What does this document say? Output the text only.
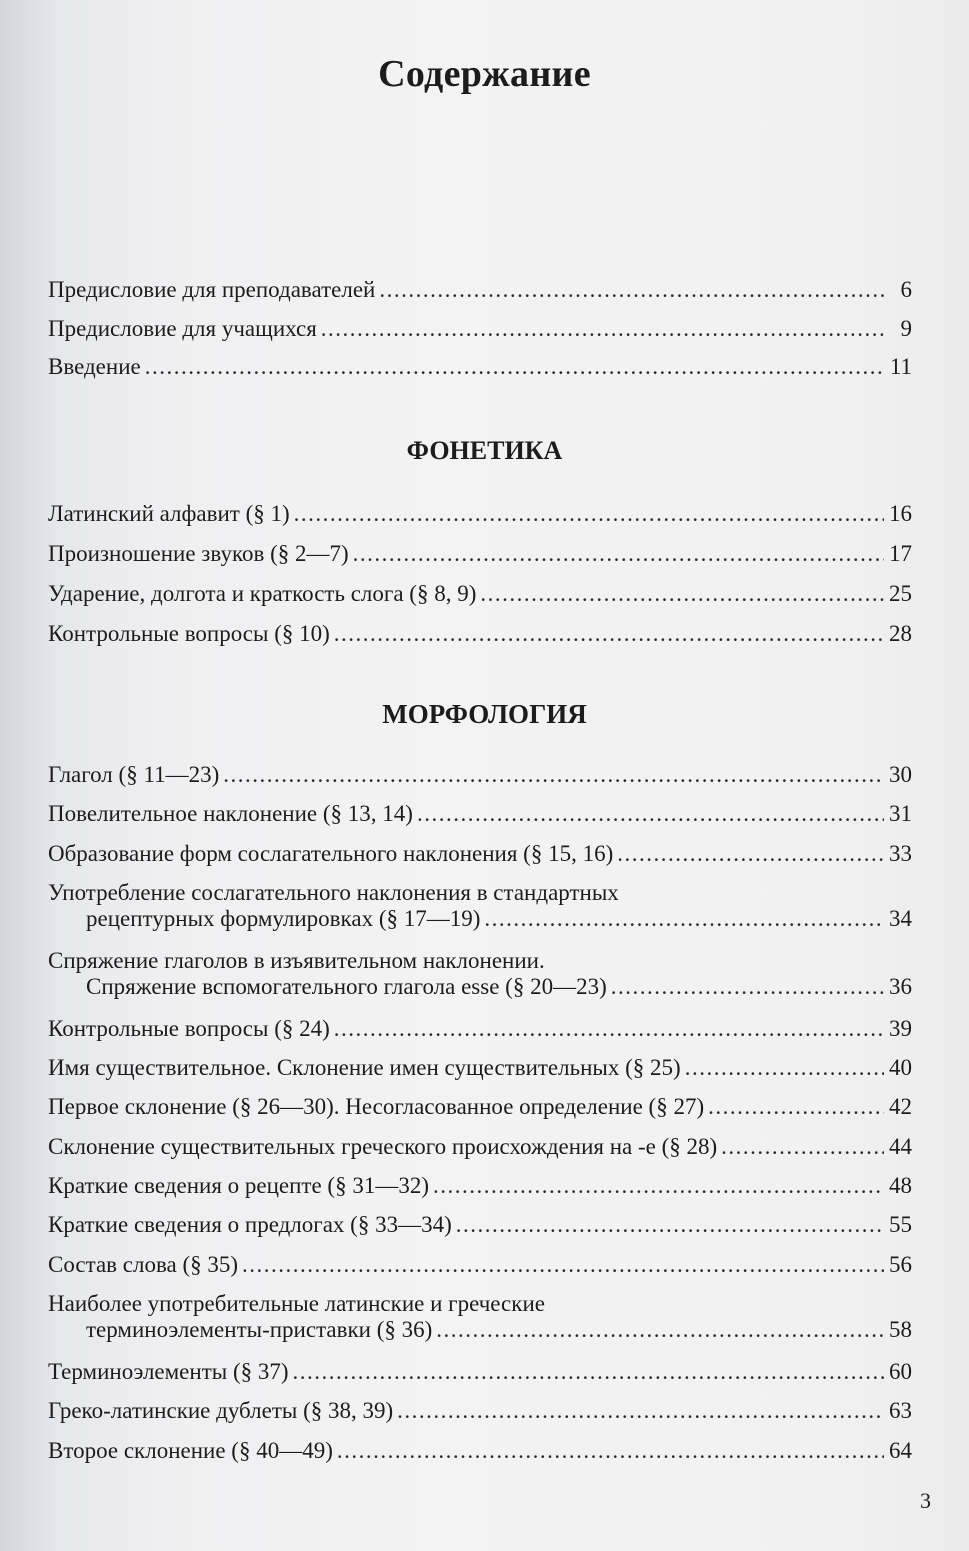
Содержание
Предисловие для преподавателей .....	6
Предисловие для учащихся .....	9
Введение .....	11
ФОНЕТИКА
Латинский алфавит (§ 1) .....	16
Произношение звуков (§ 2—7) .....	17
Ударение, долгота и краткость слога (§ 8, 9) .....	25
Контрольные вопросы (§ 10) .....	28
МОРФОЛОГИЯ
Глагол (§ 11—23) .....	30
Повелительное наклонение (§ 13, 14) .....	31
Образование форм сослагательного наклонения (§ 15, 16) .....	33
Употребление сослагательного наклонения в стандартных
рецептурных формулировках (§ 17—19) .....	34
Спряжение глаголов в изъявительном наклонении.
Спряжение вспомогательного глагола esse (§ 20—23) .....	36
Контрольные вопросы (§ 24) .....	39
Имя существительное. Склонение имен существительных (§ 25) .....	40
Первое склонение (§ 26—30). Несогласованное определение (§ 27) .....	42
Склонение существительных греческого происхождения на -е (§ 28) .....	44
Краткие сведения о рецепте (§ 31—32) .....	48
Краткие сведения о предлогах (§ 33—34) .....	55
Состав слова (§ 35) .....	56
Наиболее употребительные латинские и греческие
терминоэлементы-приставки (§ 36) .....	58
Терминоэлементы (§ 37) .....	60
Греко-латинские дублеты (§ 38, 39) .....	63
Второе склонение (§ 40—49) .....	64
3
